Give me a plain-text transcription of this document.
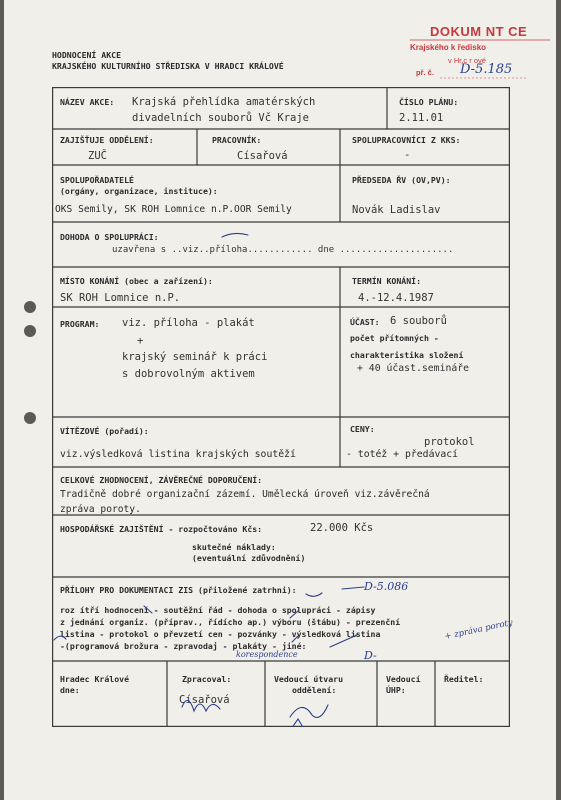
HODNOCENÍ AKCE
KRAJSKÉHO KULTURNÍHO STŘEDISKA V HRADCI KRÁLOVÉ
DOKUM NT CE
Krajského k ředisko
v Hr.c r ové
př. č. D-5.185
NÁZEV AKCE: Krajská přehlídka amatérských
divadelních souborů Vč Kraje
ČÍSLO PLÁNU:
2.11.01
ZAJIŠŤUJE ODDĚLENÍ:
ZUČ
PRACOVNÍK:
Císařová
SPOLUPRACOVNÍCI Z KKS:
-
SPOLUPOŘADATELÉ
(orgány, organizace, instituce):
OKS Semily, SK ROH Lomnice n.P.OOR Semily
PŘEDSEDA ŘV (OV,PV):
Novák Ladislav
DOHODA O SPOLUPRÁCI:
uzavřena s ..viz..příloha............ dne .....................
MÍSTO KONÁNÍ (obec a zařízení):
SK ROH Lomnice n.P.
TERMÍN KONÁNÍ:
4.-12.4.1987
PROGRAM: viz. příloha - plakát
+
krajský seminář k práci
s dobrovolným aktivem
ÚČAST: 6 souborů
počet přítomných -
charakteristika složení
+ 40 účast.semináře
VÍTĚZOVÉ (pořadí):
viz.výsledková listina krajských soutěží
CENY:
protokol
- totéž + předávací
CELKOVÉ ZHODNOCENÍ, ZÁVĚREČNÉ DOPORUČENÍ:
Tradičně dobré organizační zázemí. Umělecká úroveň viz.závěrečná
zpráva poroty.
HOSPODÁŘSKÉ ZAJIŠTĚNÍ - rozpočtováno Kčs:	22.000 Kčs
skutečné náklady:
(eventuální zdůvodnění)
PŘÍLOHY PRO DOKUMENTACI ZIS (přiložené zatrhni):
roz ítří hodnocení - soutěžní řád - dohoda o spolupráci - zápisy
z jednání organiz. (příprav., řídícho ap.) výboru (štábu) - prezenční
listina - protokol o převzetí cen - pozvánky - výsledková listina
-(programová brožura - zpravodaj - plakáty - jiné:
Hradec Králové
dne:
Zpracoval:
Císařová
Vedoucí útvaru
oddělení:
Vedoucí
ÚHP:
Ředitel:
D-5.086
+ zpráva poroty
korespondence	D-
